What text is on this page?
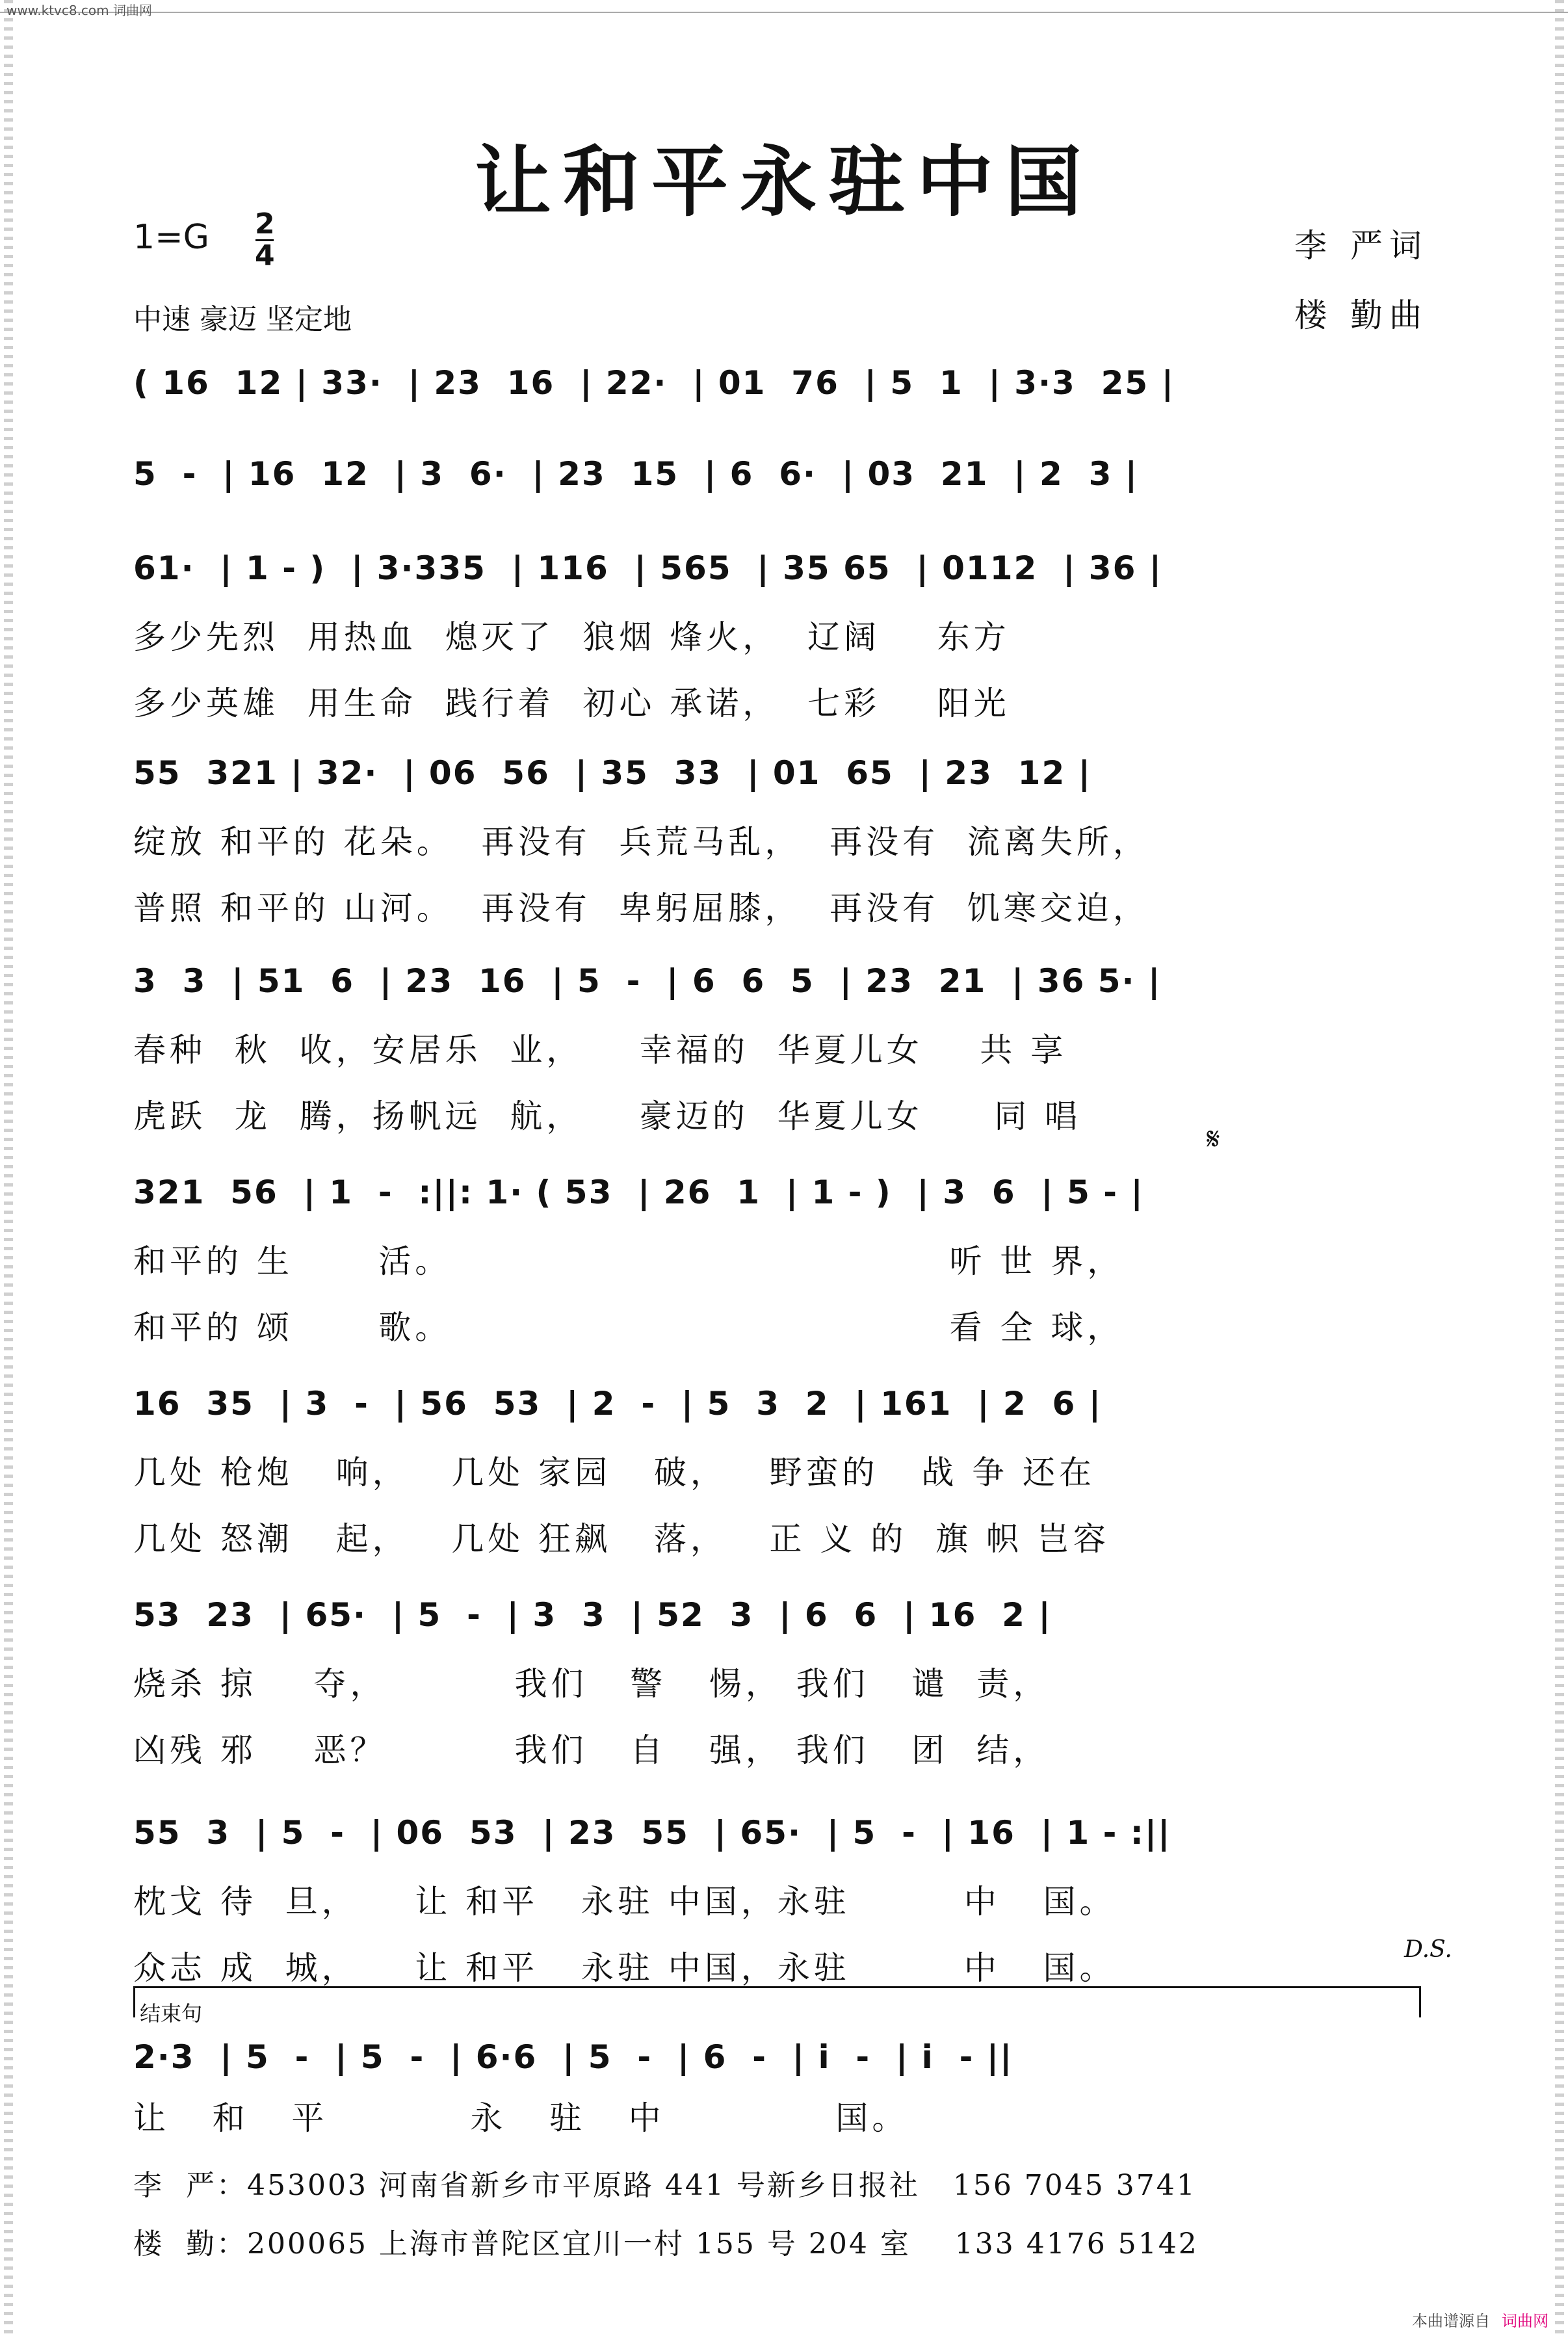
www.ktvc8.com 词曲网
让和平永驻中国
1=G 2
4
中速 豪迈 坚定地
李 严词
楼 勤曲
( 16  12 | 33·  | 23  16  | 22·  | 01  76  | 5  1  | 3·3  25 |
5  -  | 16  12  | 3  6·  | 23  15  | 6  6·  | 03  21  | 2  3 |
61·  | 1 - )  | 3·335  | 116  | 565  | 35 65  | 0112  | 36 |
多少先烈  用热血  熄灭了  狼烟 烽火，  辽阔    东方
多少英雄  用生命  践行着  初心 承诺，  七彩    阳光
55  321 | 32·  | 06  56  | 35  33  | 01  65  | 23  12 |
绽放 和平的 花朵。  再没有  兵荒马乱，  再没有  流离失所，
普照 和平的 山河。  再没有  卑躬屈膝，  再没有  饥寒交迫，
3  3  | 51  6  | 23  16  | 5  -  | 6  6  5  | 23  21  | 36 5· |
春种  秋  收，安居乐  业，    幸福的  华夏儿女    共 享
虎跃  龙  腾，扬帆远  航，    豪迈的  华夏儿女     同 唱
321  56  | 1  -  :||: 1· ( 53  | 26  1  | 1 - )  | 3  6  | 5 - |
和平的 生      活。                                   听 世 界，
和平的 颂      歌。                                   看 全 球，
16  35  | 3  -  | 56  53  | 2  -  | 5  3  2  | 161  | 2  6 |
几处 枪炮   响，   几处 家园   破，   野蛮的   战 争 还在
几处 怒潮   起，   几处 狂飙   落，   正 义 的  旗 帜 岂容
53  23  | 65·  | 5  -  | 3  3  | 52  3  | 6  6  | 16  2 |
烧杀 掠    夺，         我们   警   惕， 我们   谴  责，
凶残 邪    恶？         我们   自   强， 我们   团  结，
55  3  | 5  -  | 06  53  | 23  55  | 65·  | 5  -  | 16  | 1 - :||
枕戈 待  旦，    让 和平   永驻 中国，永驻        中   国。
众志 成  城，    让 和平   永驻 中国，永驻        中   国。
𝄋
D.S.
结束句
2·3  | 5  -  | 5  -  | 6·6  | 5  -  | 6  -  | i  -  | i  - ||
让   和   平          永   驻   中            国。
李  严：453003 河南省新乡市平原路 441 号新乡日报社   156 7045 3741
楼  勤：200065 上海市普陀区宜川一村 155 号 204 室    133 4176 5142
本曲谱源自 词曲网
